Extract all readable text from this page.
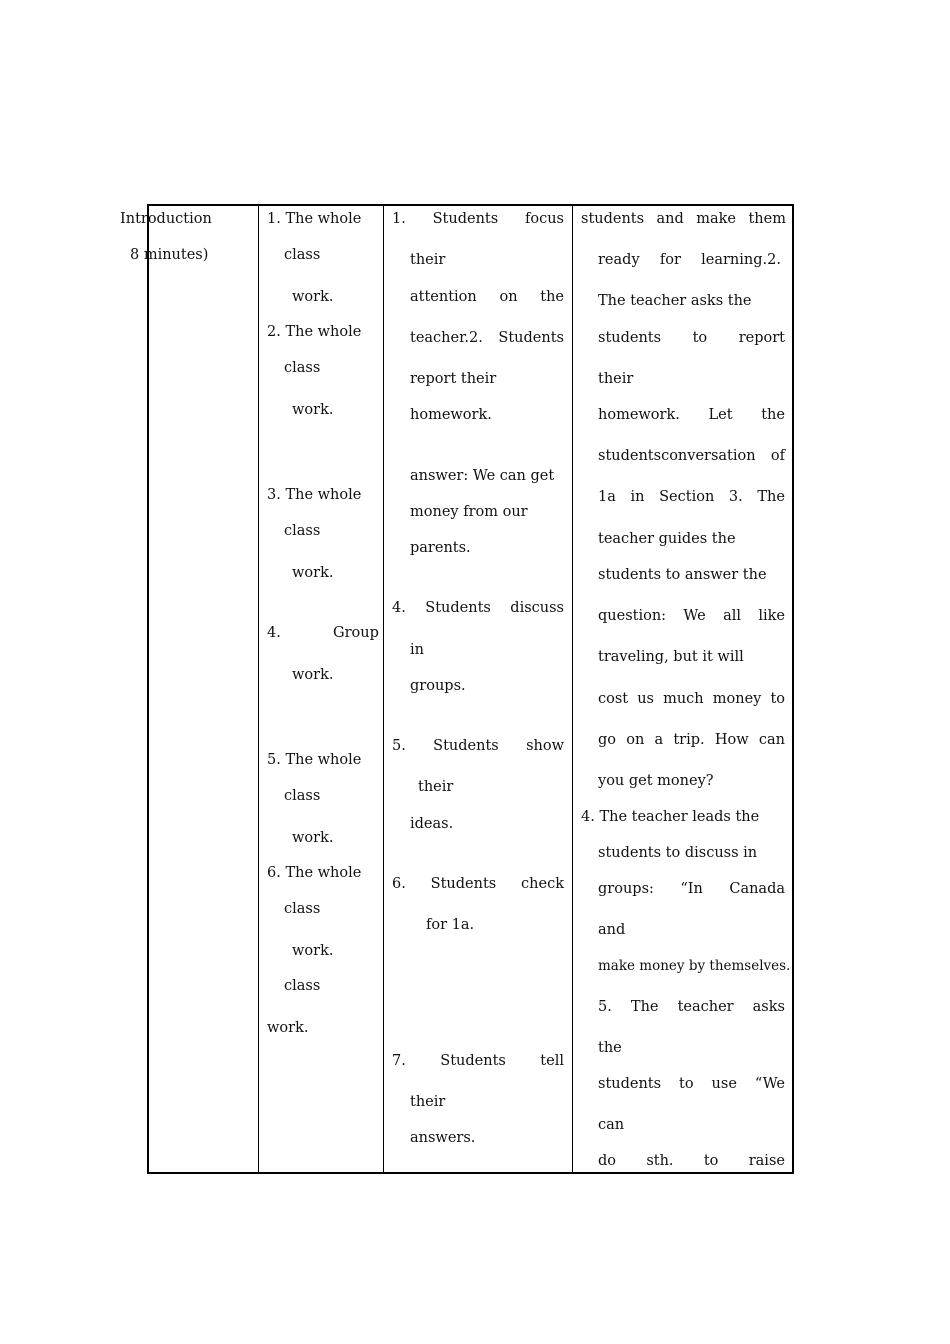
Introduction
8 minutes)
1. The whole
class
work.
2. The whole
class
work.
3. The whole
class
work.
4.	Group
work.
5. The whole
class
work.
6. The whole
class
work.
class
work.
1. Students focus
their
attention on the
teacher.2. Students
report their
homework.
answer: We can get
money from our
parents.
4. Students discuss
in
groups.
5. Students show
their
ideas.
6. Students check
for 1a.
7. Students tell
their
answers.
students and make them
ready for learning.2.
The teacher asks the
students to report
their
homework. Let the
studentsconversation of
1a in Section 3. The
teacher guides the
students to answer the
question: We all like
traveling, but it will
cost us much money to
go on a trip. How can
you get money?
4. The teacher leads the
students to discuss in
groups: “In Canada
and
make money by themselves.
5. The teacher asks
the
students to use “We
can
do sth. to raise
